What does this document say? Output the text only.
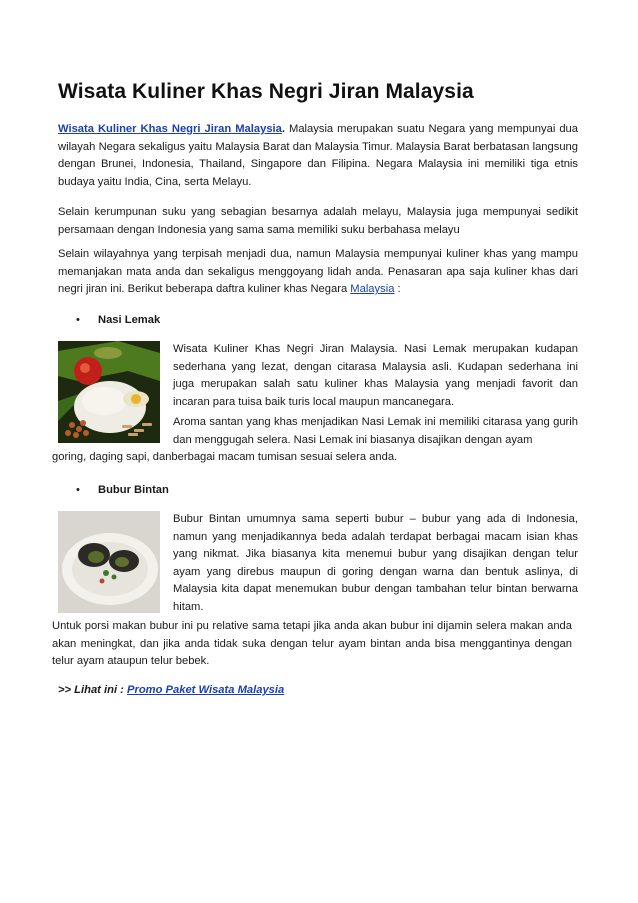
Wisata Kuliner Khas Negri Jiran Malaysia

Wisata Kuliner Khas Negri Jiran Malaysia. Malaysia merupakan suatu Negara yang mempunyai dua wilayah Negara sekaligus yaitu Malaysia Barat dan Malaysia Timur. Malaysia Barat berbatasan langsung dengan Brunei, Indonesia, Thailand, Singapore dan Filipina. Negara Malaysia ini memiliki tiga etnis budaya yaitu India, Cina, serta Melayu.

Selain kerumpunan suku yang sebagian besarnya adalah melayu, Malaysia juga mempunyai sedikit persamaan dengan Indonesia yang sama sama memiliki suku berbahasa melayu

Selain wilayahnya yang terpisah menjadi dua, namun Malaysia mempunyai kuliner khas yang mampu memanjakan mata anda dan sekaligus menggoyang lidah anda. Penasaran apa saja kuliner khas dari negri jiran ini. Berikut beberapa daftra kuliner khas Negara Malaysia :

• Nasi Lemak

Wisata Kuliner Khas Negri Jiran Malaysia. Nasi Lemak merupakan kudapan sederhana yang lezat, dengan citarasa Malaysia asli. Kudapan sederhana ini juga merupakan salah satu kuliner khas Malaysia yang menjadi favorit dan incaran para tuisa baik turis local maupun mancanegara.

Aroma santan yang khas menjadikan Nasi Lemak ini memiliki citarasa yang gurih dan menggugah selera. Nasi Lemak ini biasanya disajikan dengan ayam

goring, daging sapi, danberbagai macam tumisan sesuai selera anda.

• Bubur Bintan

Bubur Bintan umumnya sama seperti bubur – bubur yang ada di Indonesia, namun yang menjadikannya beda adalah terdapat berbagai macam isian khas yang nikmat. Jika biasanya kita menemui bubur yang disajikan dengan telur ayam yang direbus maupun di goring dengan warna dan bentuk aslinya, di Malaysia kita dapat menemukan bubur dengan tambahan telur bintan berwarna hitam.

Untuk porsi makan bubur ini pu relative sama tetapi jika anda akan bubur ini dijamin selera makan anda akan meningkat, dan jika anda tidak suka dengan telur ayam bintan anda bisa menggantinya dengan telur ayam ataupun telur bebek.

>> Lihat ini : Promo Paket Wisata Malaysia
